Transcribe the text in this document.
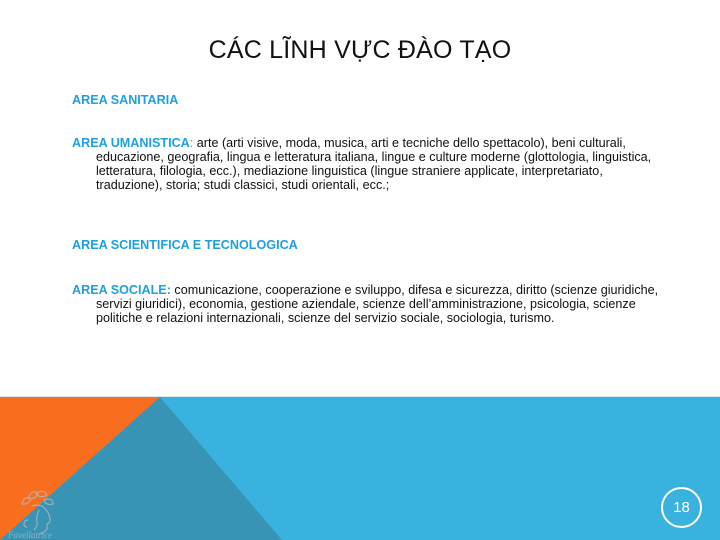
CÁC LĨNH VỰC ĐÀO TẠO

AREA SANITARIA

AREA UMANISTICA: arte (arti visive, moda, musica, arti e tecniche dello spettacolo), beni culturali, educazione, geografia, lingua e letteratura italiana, lingue e culture moderne (glottologia, linguistica, letteratura, filologia, ecc.), mediazione linguistica (lingue straniere applicate, interpretariato, traduzione), storia; studi classici, studi orientali, ecc.;

AREA SCIENTIFICA E TECNOLOGICA

AREA SOCIALE: comunicazione, cooperazione e sviluppo, difesa e sicurezza, diritto (scienze giuridiche, servizi giuridici), economia, gestione aziendale, scienze dell’amministrazione, psicologia, scienze politiche e relazioni internazionali, scienze del servizio sociale, sociologia, turismo.

Favellatrice
18
